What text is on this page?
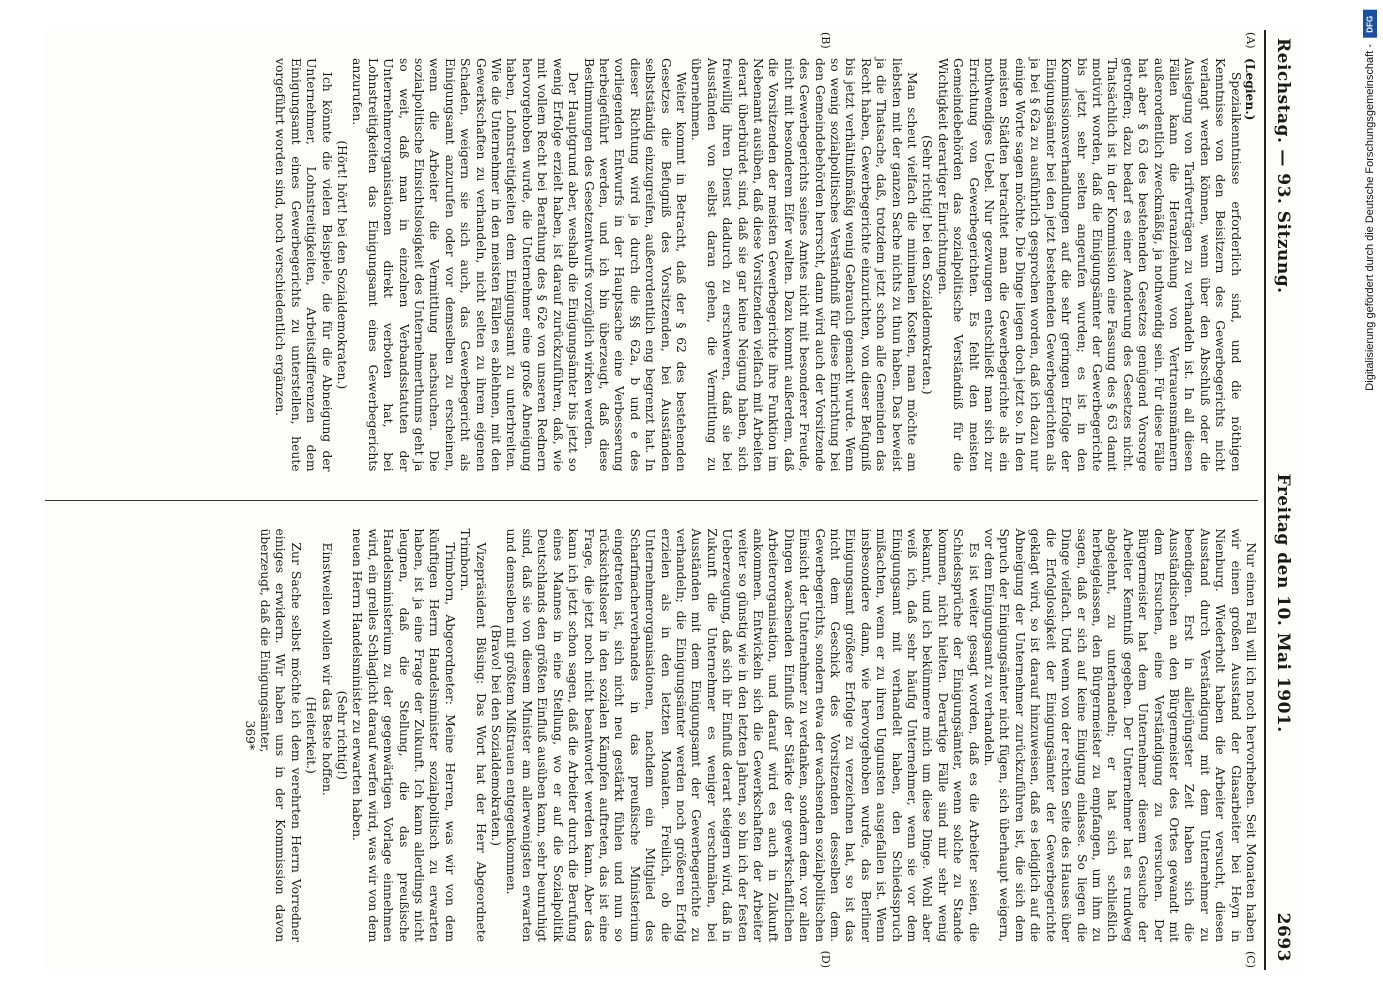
Reichstag.
— 93. Sitzung.
Freitag den 10. Mai 1901.
2693
(A)
(B)

(Legien.)

Spezialkenntnisse erforderlich sind, und die nöthigen Kenntnisse von den Beisitzern des Gewerbegerichts nicht verlangt werden können, wenn über den Abschluß oder die Auslegung von Tarifverträgen zu verhandeln ist. In all diesen Fällen kann die Heranziehung von Vertrauensmännern außerordentlich zweckmäßig, ja nothwendig sein. Für diese Fälle hat aber § 63 des bestehenden Gesetzes genügend Vorsorge getroffen; dazu bedarf es einer Aenderung des Gesetzes nicht. Thatsächlich ist in der Kommission eine Fassung des § 63 damit motivirt worden, daß die Einigungsämter der Gewerbegerichte bis jetzt sehr selten angerufen wurden; es ist in den Kommissionsverhandlungen auf die sehr geringen Erfolge der Einigungsämter bei den jetzt bestehenden Gewerbegerichten als ja bei § 62a zu ausführlich gesprochen worden, daß ich dazu nur einige Worte sagen möchte. Die Dinge liegen doch jetzt so. In den meisten Städten betrachtet man die Gewerbegerichte als ein nothwendiges Uebel. Nur gezwungen entschließt man sich zur Errichtung von Gewerbegerichten. Es fehlt den meisten Gemeindebehörden das sozialpolitische Verständniß für die Wichtigkeit derartiger Einrichtungen.

(Sehr richtig! bei den Sozialdemokraten.)

Man scheut vielfach die minimalen Kosten, man möchte am liebsten mit der ganzen Sache nichts zu thun haben. Das beweist ja die Thatsache, daß, trotzdem jetzt schon alle Gemeinden das Recht haben, Gewerbegerichte einzurichten, von dieser Befugniß bis jetzt verhältnißmäßig wenig Gebrauch gemacht wurde. Wenn so wenig sozialpolitisches Verständniß für diese Einrichtung bei den Gemeindebehörden herrscht, dann wird auch der Vorsitzende des Gewerbegerichts seines Amtes nicht mit besonderer Freude, nicht mit besonderem Eifer walten. Dazu kommt außerdem, daß die Vorsitzenden der meisten Gewerbegerichte ihre Funktion im Nebenamt ausüben, daß diese Vorsitzenden vielfach mit Arbeiten derart überbürdet sind, daß sie gar keine Neigung haben, sich freiwillig ihren Dienst dadurch zu erschweren, daß sie bei Ausständen von selbst daran gehen, die Vermittlung zu übernehmen.

Weiter kommt in Betracht, daß der § 62 des bestehenden Gesetzes die Befugniß des Vorsitzenden, bei Ausständen selbstständig einzugreifen, außerordentlich eng begrenzt hat. In dieser Richtung wird ja durch die §§ 62a, b und e des vorliegenden Entwurfs in der Hauptsache eine Verbesserung herbeigeführt werden, und ich bin überzeugt, daß diese Bestimmungen des Gesetzentwurfs vorzüglich wirken werden.

Der Hauptgrund aber, weshalb die Einigungsämter bis jetzt so wenig Erfolge erzielt haben, ist darauf zurückzuführen, daß, wie mit vollem Recht bei Berathung des § 62e von unseren Rednern hervorgehoben wurde, die Unternehmer eine große Abneigung haben, Lohnstreitigkeiten dem Einigungsamt zu unterbreiten. Wie die Unternehmer in den meisten Fällen es ablehnen, mit den Gewerkschaften zu verhandeln, nicht selten zu ihrem eigenen Schaden, weigern sie sich auch, das Gewerbegericht als Einigungsamt anzurufen oder vor demselben zu erscheinen, wenn die Arbeiter die Vermittlung nachsuchen. Die sozialpolitische Einsichtslosigkeit des Unternehmerthums geht ja so weit, daß man in einzelnen Verbandsstatuten der Unternehmerorganisationen direkt verboten hat, bei Lohnstreitigkeiten das Einigungsamt eines Gewerbegerichts anzurufen.

(Hört! hört! bei den Sozialdemokraten.)

Ich könnte die vielen Beispiele, die für die Abneigung der Unternehmer, Lohnstreitigkeiten, Arbeitsdifferenzen dem Einigungsamt eines Gewerbegerichts zu unterstellen, heute vorgeführt worden sind, noch verschiedentlich ergänzen.

(C)
(D)

Nur einen Fall will ich noch hervorheben. Seit Monaten haben wir einen großen Ausstand der Glasarbeiter bei Heyn in Nienburg. Wiederholt haben die Arbeiter versucht, diesen Ausstand durch Verständigung mit dem Unternehmer zu beendigen. Erst in allerjüngster Zeit haben sich die Ausständischen an den Bürgermeister des Ortes gewandt mit dem Ersuchen, eine Verständigung zu versuchen. Der Bürgermeister hat dem Unternehmer diesem Gesuche der Arbeiter Kenntniß gegeben. Der Unternehmer hat es rundweg abgelehnt, zu unterhandeln; er hat sich schließlich herbeigelassen, den Bürgermeister zu empfangen, um ihm zu sagen, daß er sich auf keine Einigung einlasse. So liegen die Dinge vielfach. Und wenn von der rechten Seite des Hauses über die Erfolglosigkeit der Einigungsämter der Gewerbegerichte geklagt wird, so ist darauf hinzuweisen, daß es lediglich auf die Abneigung der Unternehmer zurückzuführen ist, die sich dem Spruch der Einigungsämter nicht fügen, sich überhaupt weigern, vor dem Einigungsamt zu verhandeln.

Es ist weiter gesagt worden, daß es die Arbeiter seien, die Schiedssprüche der Einigungsämter, wenn solche zu Stande kommen, nicht hielten. Derartige Fälle sind mir sehr wenig bekannt, und ich bekümmere mich um diese Dinge. Wohl aber weiß ich, daß sehr häufig Unternehmer, wenn sie vor dem Einigungsamt mit verhandelt haben, den Schiedsspruch mißachten, wenn er zu ihren Ungunsten ausgefallen ist. Wenn insbesondere dann, wie hervorgehoben wurde, das Berliner Einigungsamt größere Erfolge zu verzeichnen hat, so ist das nicht dem Geschick des Vorsitzenden desselben dem. Gewerbegerichts, sondern etwa der wachsenden sozialpolitischen Einsicht der Unternehmer zu verdanken, sondern dem. vor allen Dingen wachsenden Einfluß der Stärke der gewerkschaftlichen Arbeiterorganisation, und darauf wird es auch in Zukunft ankommen. Entwickeln sich die Gewerkschaften der Arbeiter weiter so günstig wie in den letzten Jahren, so bin ich der festen Ueberzeugung, daß sich ihr Einfluß derart steigern wird, daß in Zukunft die Unternehmer es weniger verschmähen, bei Ausständen mit dem Einigungsamt der Gewerbegerichte zu verhandeln; die Einigungsämter werden noch größeren Erfolg erzielen als in den letzten Monaten. Freilich, ob die Unternehmerorganisationen, nachdem ein Mitglied des Scharfmacherverbandes in das preußische Ministerium eingetreten ist, sich nicht neu gestärkt fühlen und nun so rücksichtsloser in den sozialen Kämpfen auftreten, das ist eine Frage, die jetzt noch nicht beantwortet werden kann. Aber das kann ich jetzt schon sagen, daß die Arbeiter durch die Berufung eines Mannes in eine Stellung, wo er auf die Sozialpolitik Deutschlands den größten Einfluß ausüben kann, sehr beunruhigt sind, daß sie von diesem Minister am allerwenigsten erwarten und demselben mit größtem Mißtrauen entgegenkommen.

(Bravo! bei den Sozialdemokraten.)

Vizepräsident Büsing: Das Wort hat der Herr Abgeordnete Trimborn.

Trimborn, Abgeordneter: Meine Herren, was wir von dem künftigen Herrn Handelsminister sozialpolitisch zu erwarten haben, ist ja eine Frage der Zukunft. Ich kann allerdings nicht leugnen, daß die Stellung, die das preußische Handelsministerium zu der gegenwärtigen Vorlage einnehmen wird, ein grelles Schlaglicht darauf werfen wird, was wir von dem neuen Herrn Handelsminister zu erwarten haben.

(Sehr richtig!)

Einstweilen wollen wir das Beste hoffen.

(Heiterkeit.)

Zur Sache selbst möchte ich dem verehrten Herrn Vorredner einiges erwidern. Wir haben uns in der Kommission davon überzeugt, daß die Einigungsämter,

369*

Digitalisierung gefördert durch die Deutsche Forschungsgemeinschaft -
DFG
